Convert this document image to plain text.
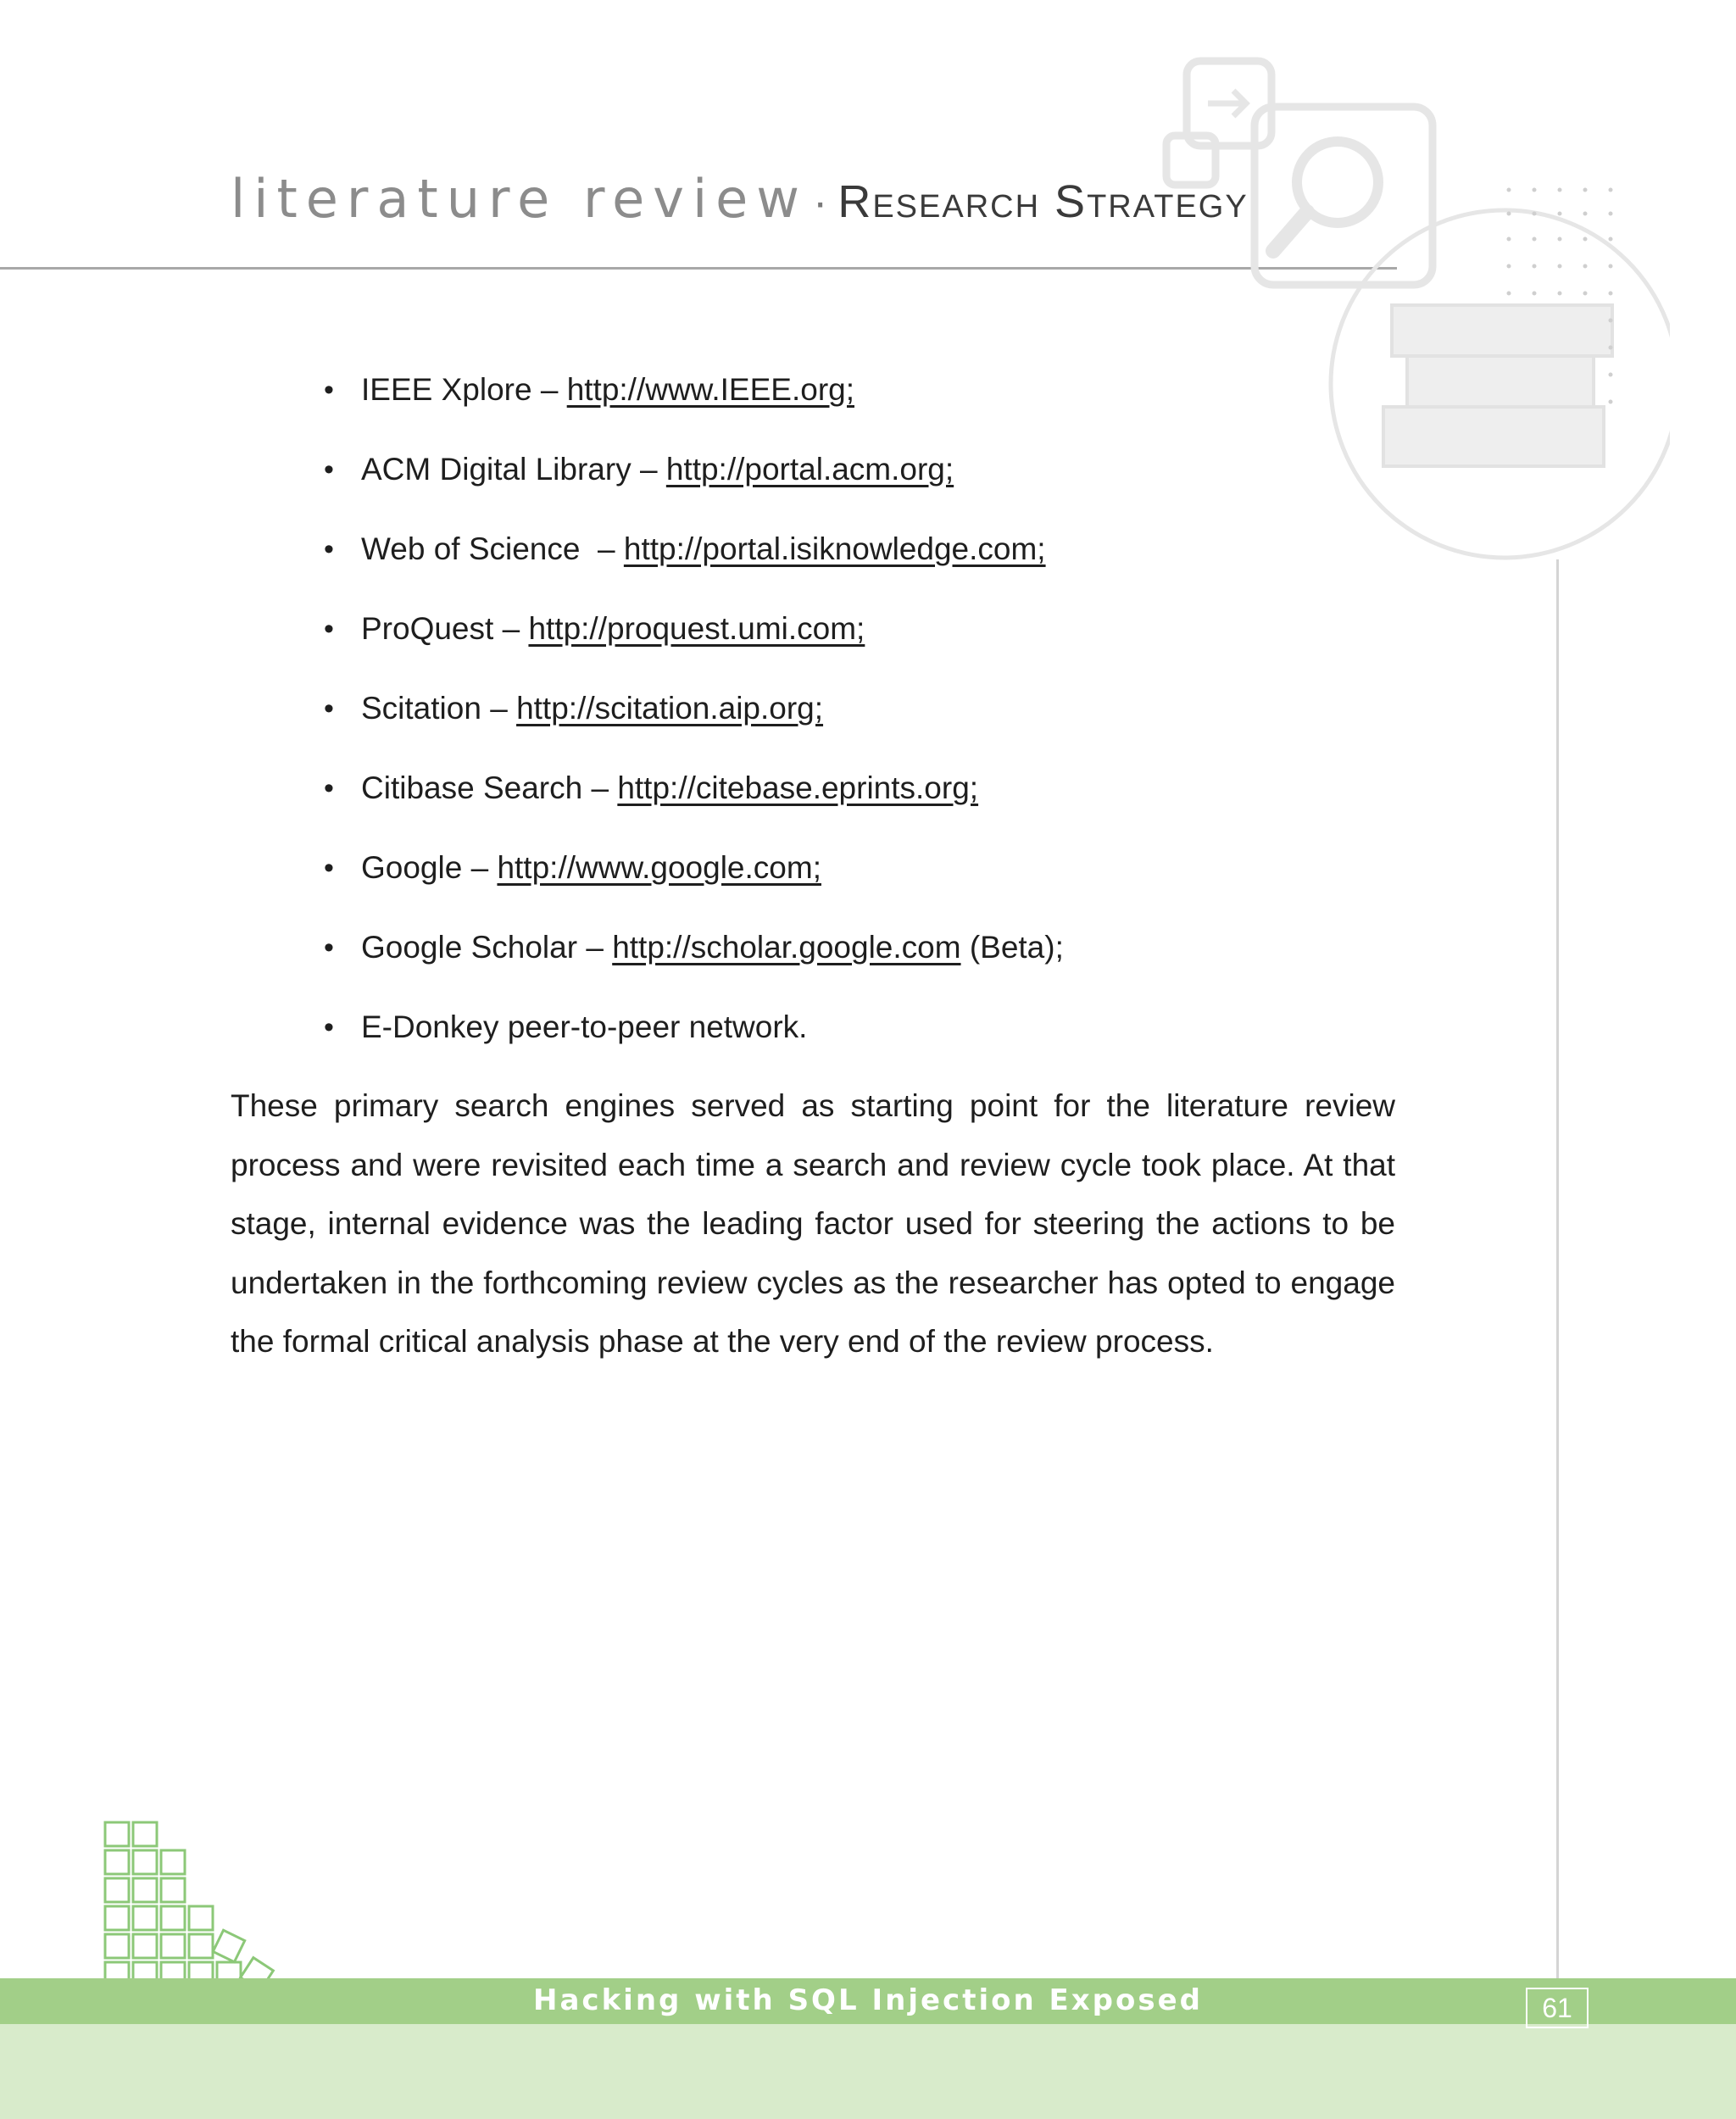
literature review · Research Strategy
• IEEE Xplore – http://www.IEEE.org;
• ACM Digital Library – http://portal.acm.org;
• Web of Science  – http://portal.isiknowledge.com;
• ProQuest – http://proquest.umi.com;
• Scitation – http://scitation.aip.org;
• Citibase Search – http://citebase.eprints.org;
• Google – http://www.google.com;
• Google Scholar – http://scholar.google.com (Beta);
• E-Donkey peer-to-peer network.

These primary search engines served as starting point for the literature review process and were revisited each time a search and review cycle took place. At that stage, internal evidence was the leading factor used for steering the actions to be undertaken in the forthcoming review cycles as the researcher has opted to engage the formal critical analysis phase at the very end of the review process.

Hacking with SQL Injection Exposed	61
